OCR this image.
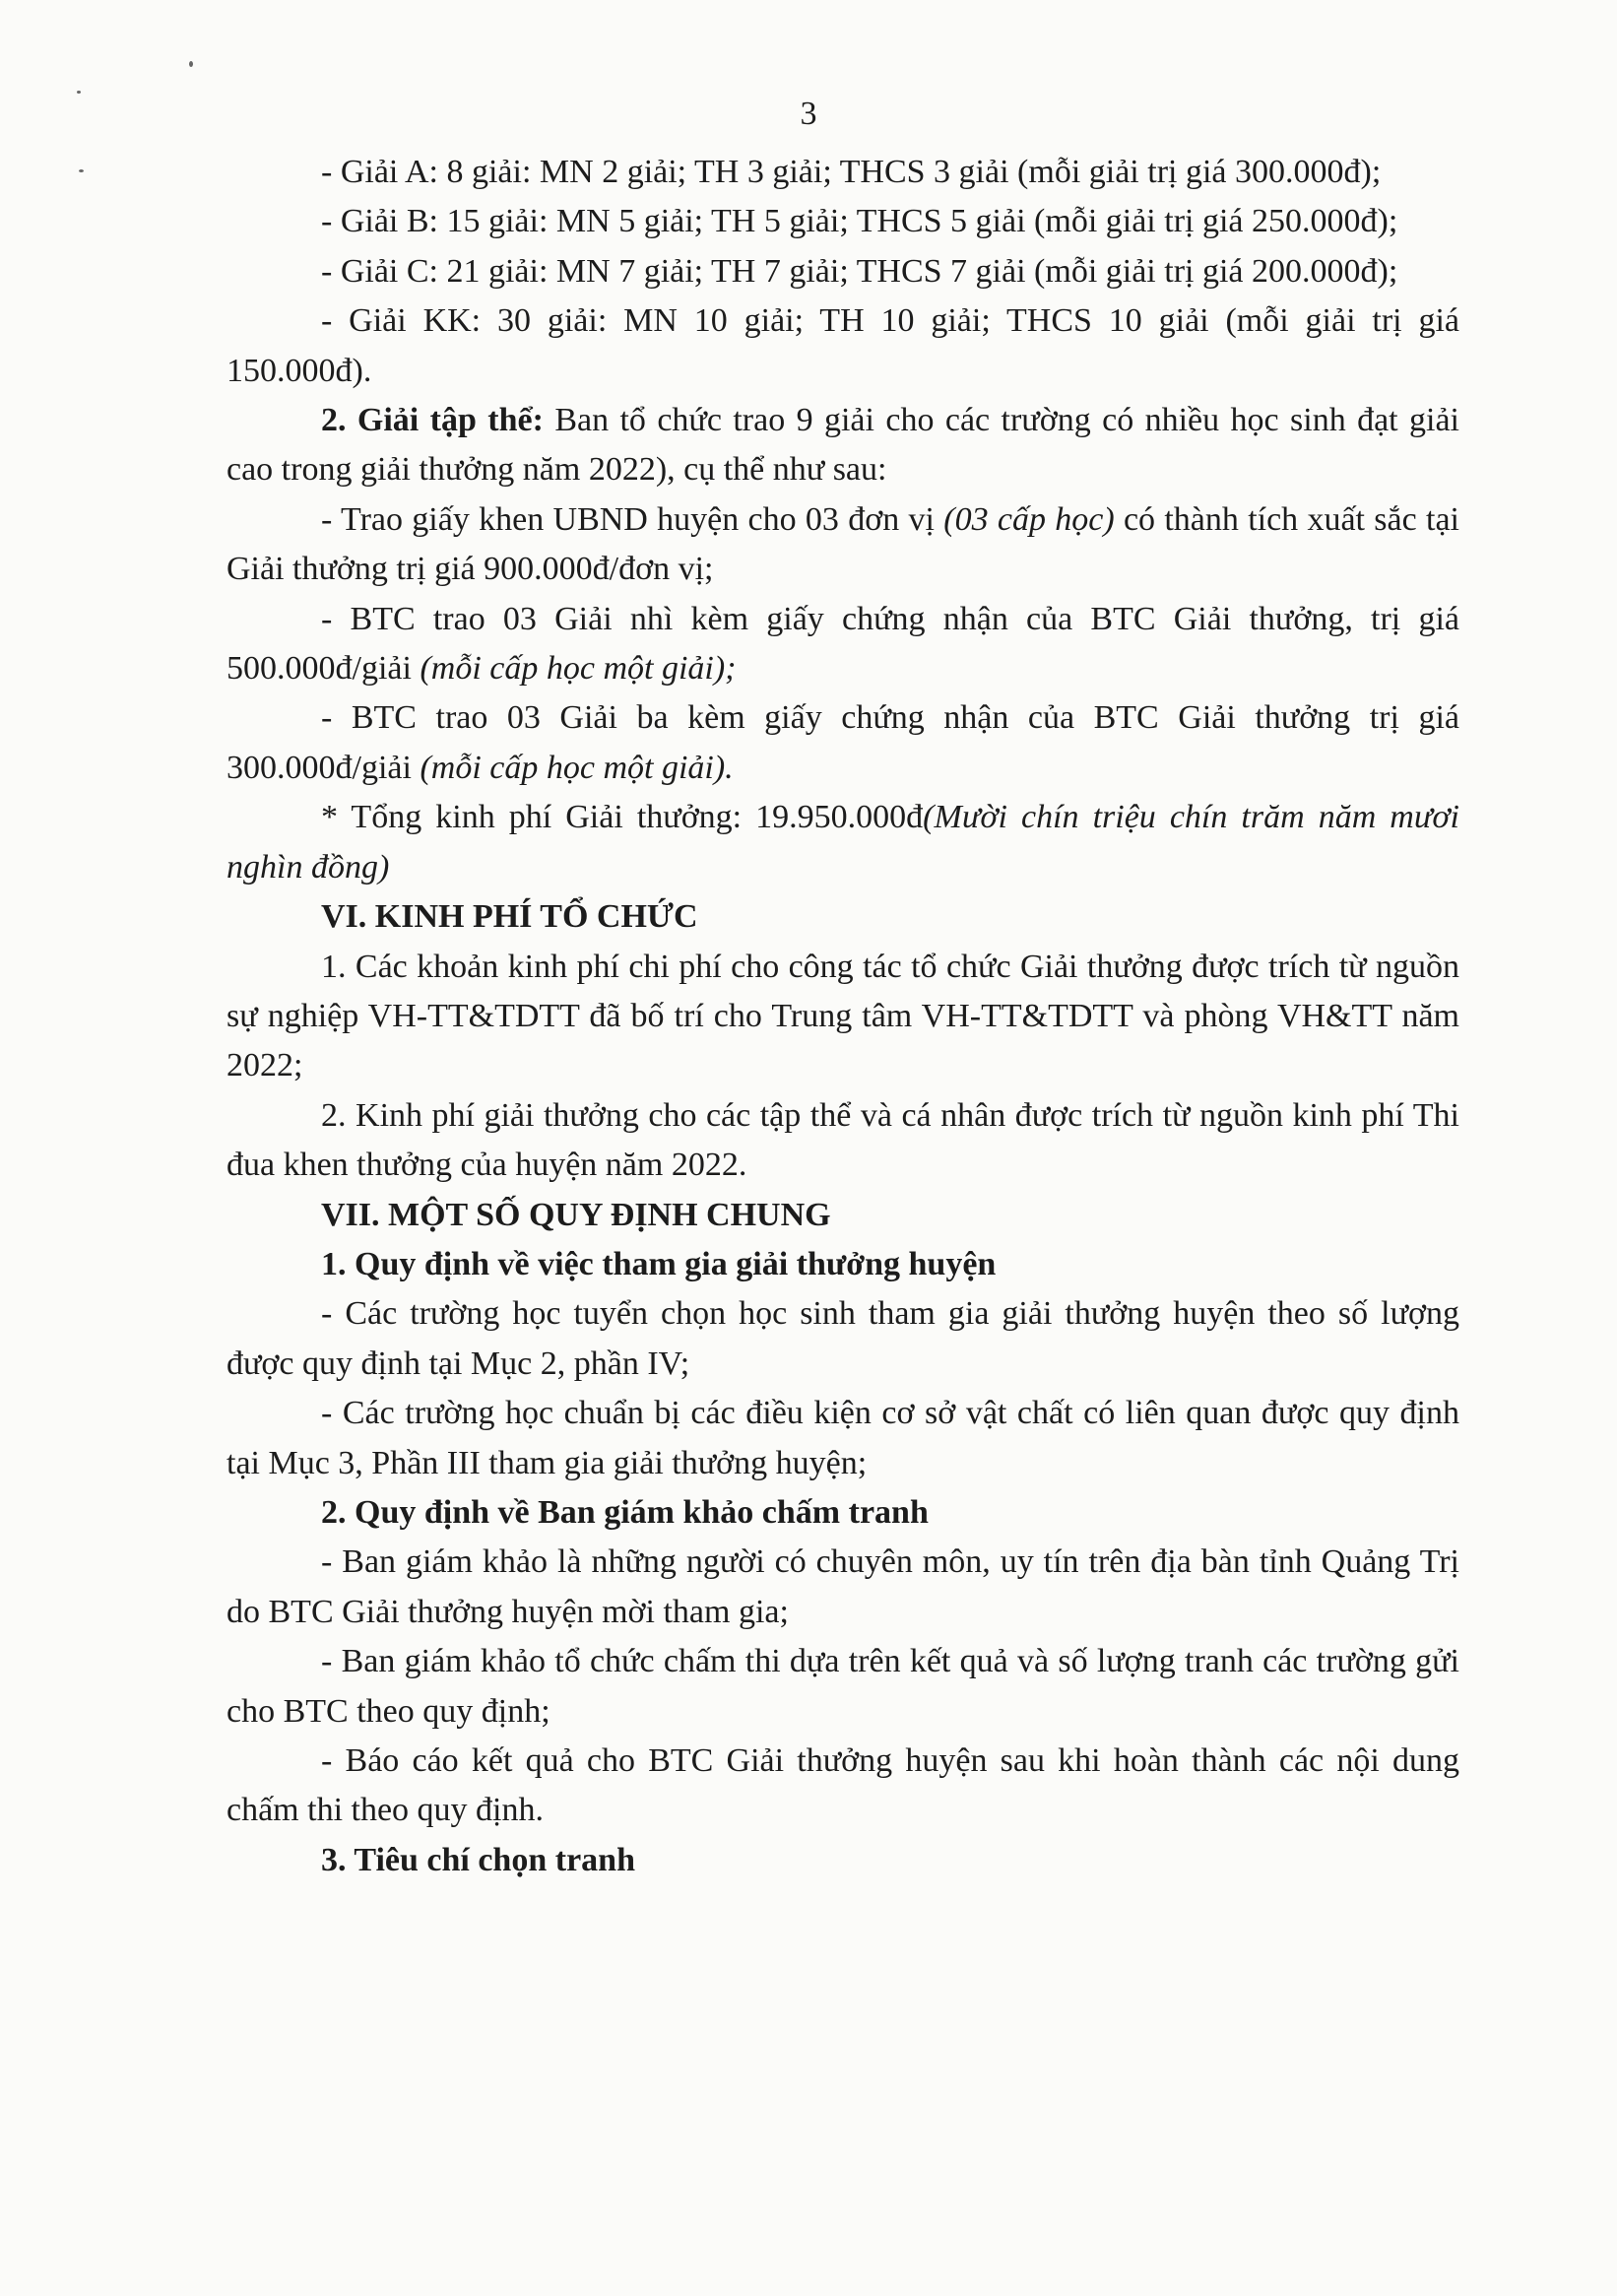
3

- Giải A: 8 giải: MN 2 giải; TH 3 giải; THCS 3 giải (mỗi giải trị giá 300.000đ);

- Giải B: 15 giải: MN 5 giải; TH 5 giải; THCS 5 giải (mỗi giải trị giá 250.000đ);

- Giải C: 21 giải: MN 7 giải; TH 7 giải; THCS 7 giải (mỗi giải trị giá 200.000đ);

- Giải KK: 30 giải: MN 10 giải; TH 10 giải; THCS 10 giải (mỗi giải trị giá 150.000đ).

2. Giải tập thể: Ban tổ chức trao 9 giải cho các trường có nhiều học sinh đạt giải cao trong giải thưởng năm 2022), cụ thể như sau:

- Trao giấy khen UBND huyện cho 03 đơn vị (03 cấp học) có thành tích xuất sắc tại Giải thưởng trị giá 900.000đ/đơn vị;

- BTC trao 03 Giải nhì kèm giấy chứng nhận của BTC Giải thưởng, trị giá 500.000đ/giải (mỗi cấp học một giải);

- BTC trao 03 Giải ba kèm giấy chứng nhận của BTC Giải thưởng trị giá 300.000đ/giải (mỗi cấp học một giải).

* Tổng kinh phí Giải thưởng: 19.950.000đ(Mười chín triệu chín trăm năm mươi nghìn đồng)

VI. KINH PHÍ TỔ CHỨC

1. Các khoản kinh phí chi phí cho công tác tổ chức Giải thưởng được trích từ nguồn sự nghiệp VH-TT&TDTT đã bố trí cho Trung tâm VH-TT&TDTT và phòng VH&TT năm 2022;

2. Kinh phí giải thưởng cho các tập thể và cá nhân được trích từ nguồn kinh phí Thi đua khen thưởng của huyện năm 2022.

VII. MỘT SỐ QUY ĐỊNH CHUNG

1. Quy định về việc tham gia giải thưởng huyện

- Các trường học tuyển chọn học sinh tham gia giải thưởng huyện theo số lượng được quy định tại Mục 2, phần IV;

- Các trường học chuẩn bị các điều kiện cơ sở vật chất có liên quan được quy định tại Mục 3, Phần III tham gia giải thưởng huyện;

2. Quy định về Ban giám khảo chấm tranh

- Ban giám khảo là những người có chuyên môn, uy tín trên địa bàn tỉnh Quảng Trị do BTC Giải thưởng huyện mời tham gia;

- Ban giám khảo tổ chức chấm thi dựa trên kết quả và số lượng tranh các trường gửi cho BTC theo quy định;

- Báo cáo kết quả cho BTC Giải thưởng huyện sau khi hoàn thành các nội dung chấm thi theo quy định.

3. Tiêu chí chọn tranh
